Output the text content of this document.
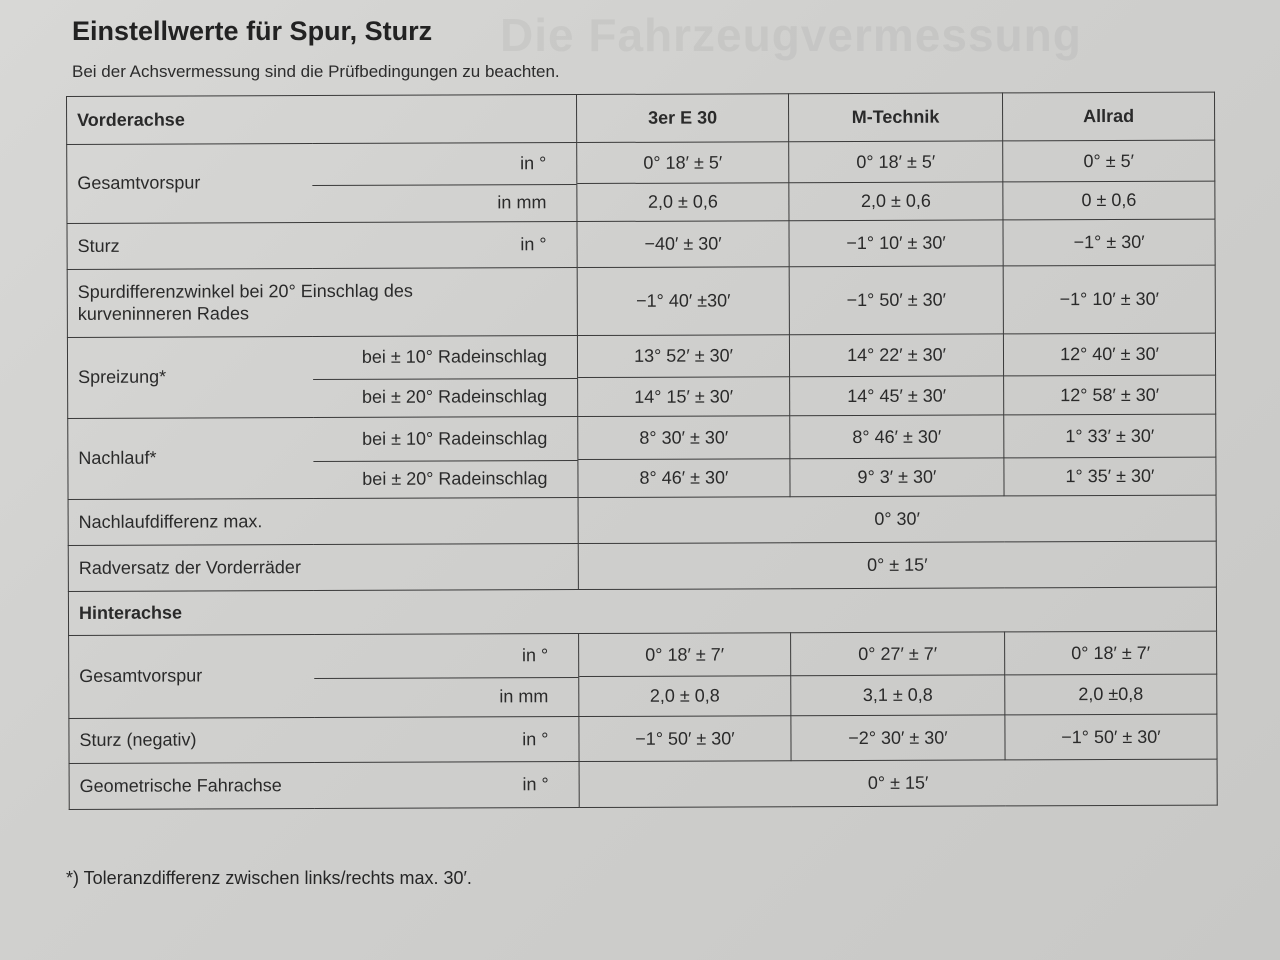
Die Fahrzeugvermessung
Einstellwerte für Spur, Sturz
Bei der Achsvermessung sind die Prüfbedingungen zu beachten.
Vorderachse		3er E 30	M-Technik	Allrad
Gesamtvorspur	in °	0° 18′ ± 5′	0° 18′ ± 5′	0° ± 5′
	in mm	2,0 ± 0,6	2,0 ± 0,6	0 ± 0,6
Sturz	in °	−40′ ± 30′	−1° 10′ ± 30′	−1° ± 30′
Spurdifferenzwinkel bei 20° Einschlag des kurveninneren Rades		−1° 40′ ±30′	−1° 50′ ± 30′	−1° 10′ ± 30′
Spreizung*	bei ± 10° Radeinschlag	13° 52′ ± 30′	14° 22′ ± 30′	12° 40′ ± 30′
	bei ± 20° Radeinschlag	14° 15′ ± 30′	14° 45′ ± 30′	12° 58′ ± 30′
Nachlauf*	bei ± 10° Radeinschlag	8° 30′ ± 30′	8° 46′ ± 30′	1° 33′ ± 30′
	bei ± 20° Radeinschlag	8° 46′ ± 30′	9° 3′ ± 30′	1° 35′ ± 30′
Nachlaufdifferenz max.		0° 30′		
Radversatz der Vorderräder		0° ± 15′		
Hinterachse				
Gesamtvorspur	in °	0° 18′ ± 7′	0° 27′ ± 7′	0° 18′ ± 7′
	in mm	2,0 ± 0,8	3,1 ± 0,8	2,0 ±0,8
Sturz (negativ)	in °	−1° 50′ ± 30′	−2° 30′ ± 30′	−1° 50′ ± 30′
Geometrische Fahrachse	in °	0° ± 15′		
*) Toleranzdifferenz zwischen links/rechts max. 30′.
